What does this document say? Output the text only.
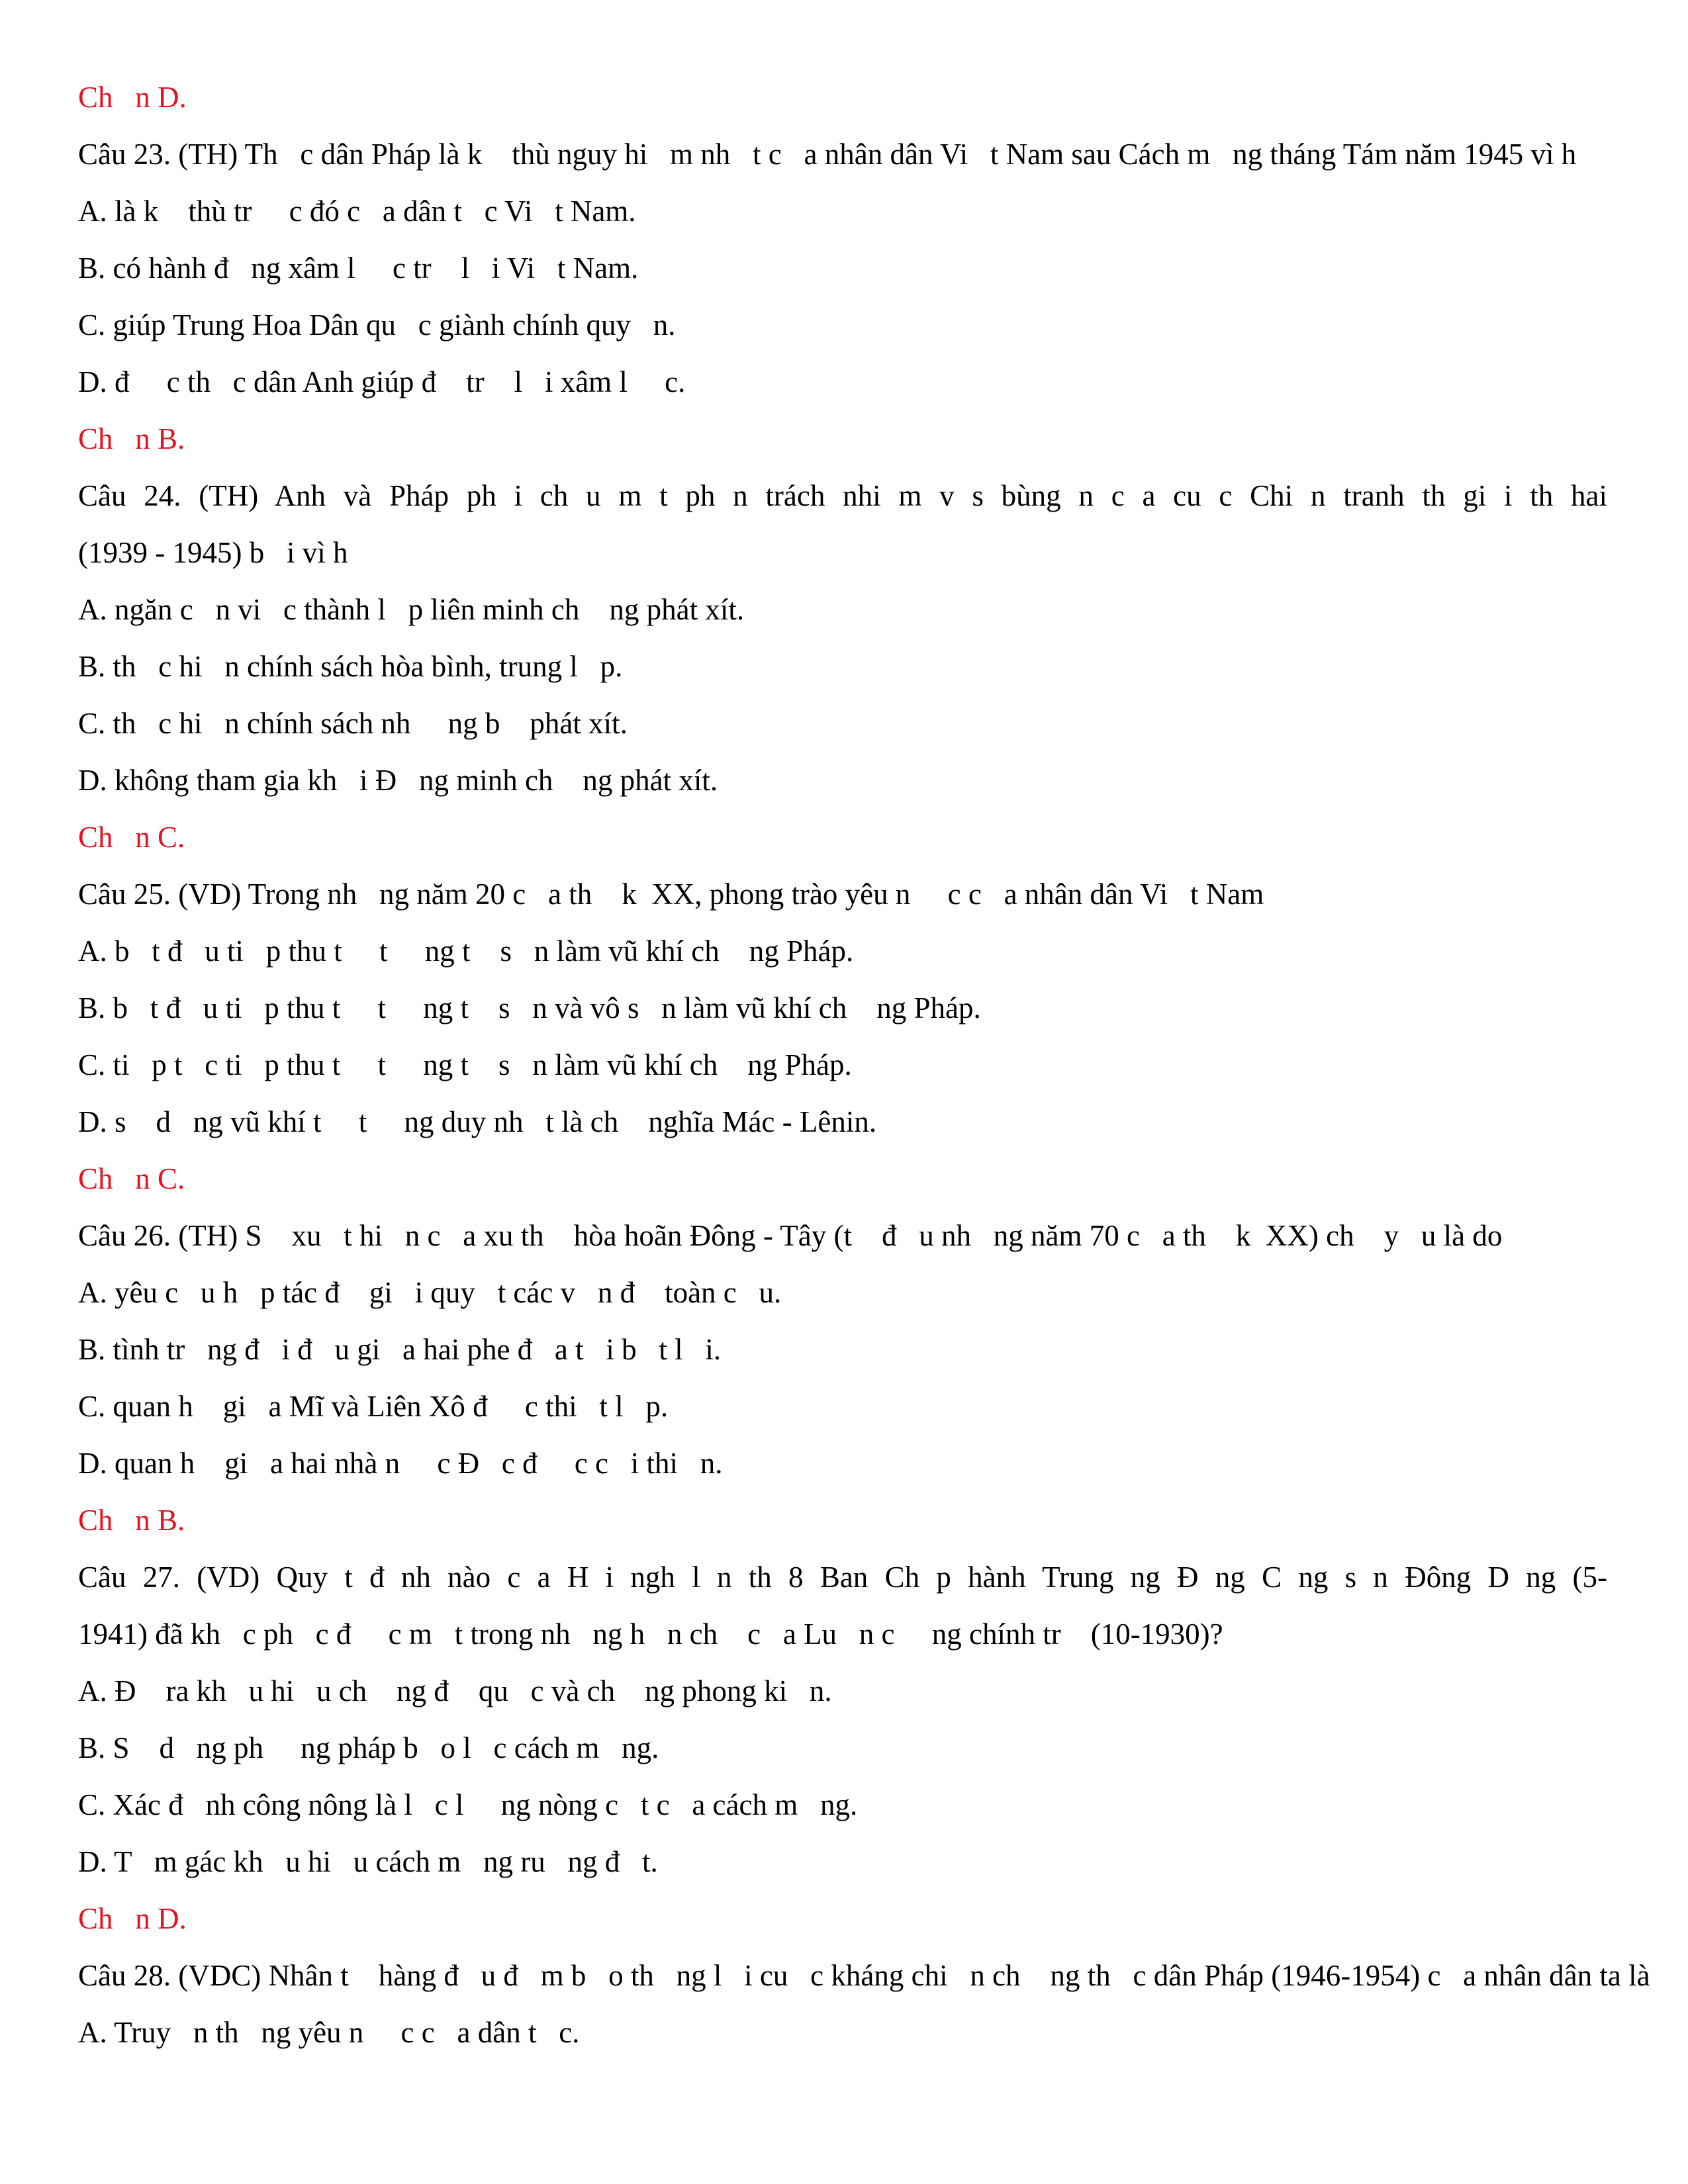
Ch   n D.
Câu 23. (TH) Th   c dân Pháp là k    thù nguy hi   m nh   t c   a nhân dân Vi   t Nam sau Cách m   ng tháng Tám năm 1945 vì h
A. là k    thù tr     c đó c   a dân t   c Vi   t Nam.
B. có hành đ   ng xâm l     c tr    l   i Vi   t Nam.
C. giúp Trung Hoa Dân qu   c giành chính quy   n.
D. đ     c th   c dân Anh giúp đ    tr    l   i xâm l     c.
Ch   n B.
Câu 24. (TH) Anh và Pháp ph i ch u m t ph n trách nhi m v s bùng n c a cu c Chi n tranh th gi i th hai
(1939 - 1945) b   i vì h
A. ngăn c   n vi   c thành l   p liên minh ch    ng phát xít.
B. th   c hi   n chính sách hòa bình, trung l   p.
C. th   c hi   n chính sách nh     ng b    phát xít.
D. không tham gia kh   i Đ   ng minh ch    ng phát xít.
Ch   n C.
Câu 25. (VD) Trong nh   ng năm 20 c   a th    k  XX, phong trào yêu n     c c   a nhân dân Vi   t Nam
A. b   t đ   u ti   p thu t     t     ng t    s   n làm vũ khí ch    ng Pháp.
B. b   t đ   u ti   p thu t     t     ng t    s   n và vô s   n làm vũ khí ch    ng Pháp.
C. ti   p t   c ti   p thu t     t     ng t    s   n làm vũ khí ch    ng Pháp.
D. s    d   ng vũ khí t     t     ng duy nh   t là ch    nghĩa Mác - Lênin.
Ch   n C.
Câu 26. (TH) S    xu   t hi   n c   a xu th    hòa hoãn Đông - Tây (t    đ   u nh   ng năm 70 c   a th    k  XX) ch    y   u là do
A. yêu c   u h   p tác đ    gi   i quy   t các v   n đ    toàn c   u.
B. tình tr   ng đ   i đ   u gi   a hai phe đ   a t   i b   t l   i.
C. quan h    gi   a Mĩ và Liên Xô đ     c thi   t l   p.
D. quan h    gi   a hai nhà n     c Đ   c đ     c c   i thi   n.
Ch   n B.
Câu 27. (VD) Quy t đ nh nào c a H i ngh l n th 8 Ban Ch p hành Trung ng Đ ng C ng s n Đông D ng (5-
1941) đã kh   c ph   c đ     c m   t trong nh   ng h   n ch    c   a Lu   n c     ng chính tr    (10-1930)?
A. Đ    ra kh   u hi   u ch    ng đ    qu   c và ch    ng phong ki   n.
B. S    d   ng ph     ng pháp b   o l   c cách m   ng.
C. Xác đ   nh công nông là l   c l     ng nòng c   t c   a cách m   ng.
D. T   m gác kh   u hi   u cách m   ng ru   ng đ   t.
Ch   n D.
Câu 28. (VDC) Nhân t    hàng đ   u đ   m b   o th   ng l   i cu   c kháng chi   n ch    ng th   c dân Pháp (1946-1954) c   a nhân dân ta là
A. Truy   n th   ng yêu n     c c   a dân t   c.
